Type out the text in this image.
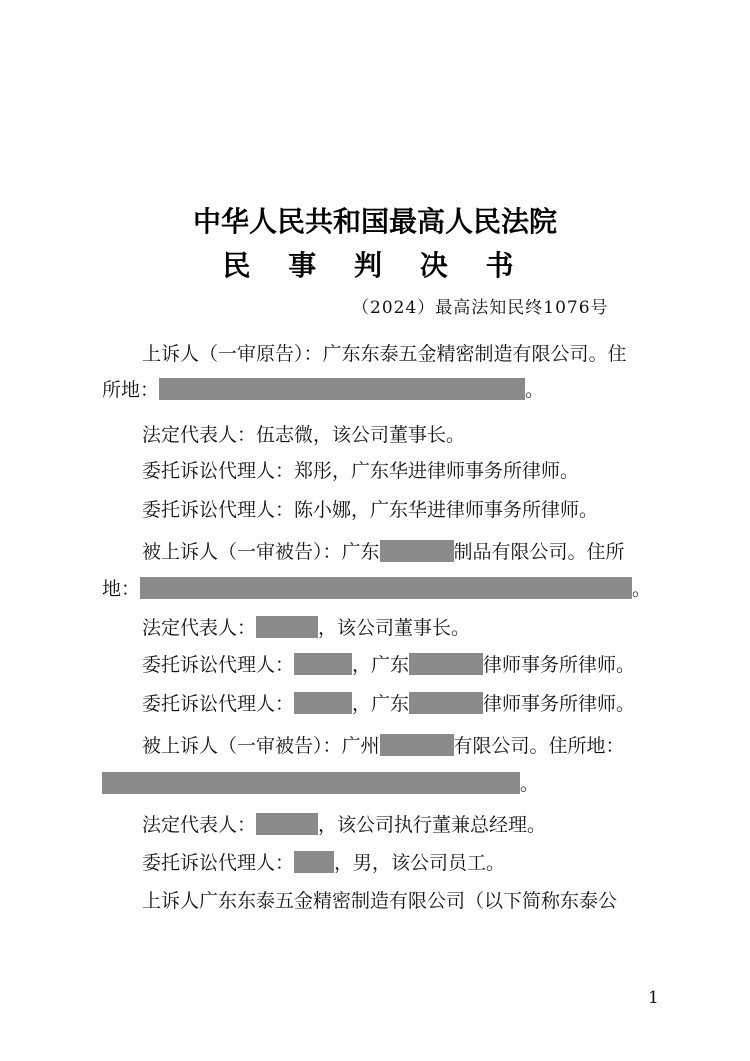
中华人民共和国最高人民法院
民 事 判 决 书
（2024）最高法知民终1076号
上诉人（一审原告）：广东东泰五金精密制造有限公司。住
所地：	。
法定代表人：伍志微，该公司董事长。
委托诉讼代理人：郑彤，广东华进律师事务所律师。
委托诉讼代理人：陈小娜，广东华进律师事务所律师。
被上诉人（一审被告）：广东	制品有限公司。住所
地：	。
法定代表人：	，该公司董事长。
委托诉讼代理人：	，广东	律师事务所律师。
委托诉讼代理人：	，广东	律师事务所律师。
被上诉人（一审被告）：广州	有限公司。住所地：
。
法定代表人：	，该公司执行董兼总经理。
委托诉讼代理人： ，男，该公司员工。
上诉人广东东泰五金精密制造有限公司（以下简称东泰公
1
